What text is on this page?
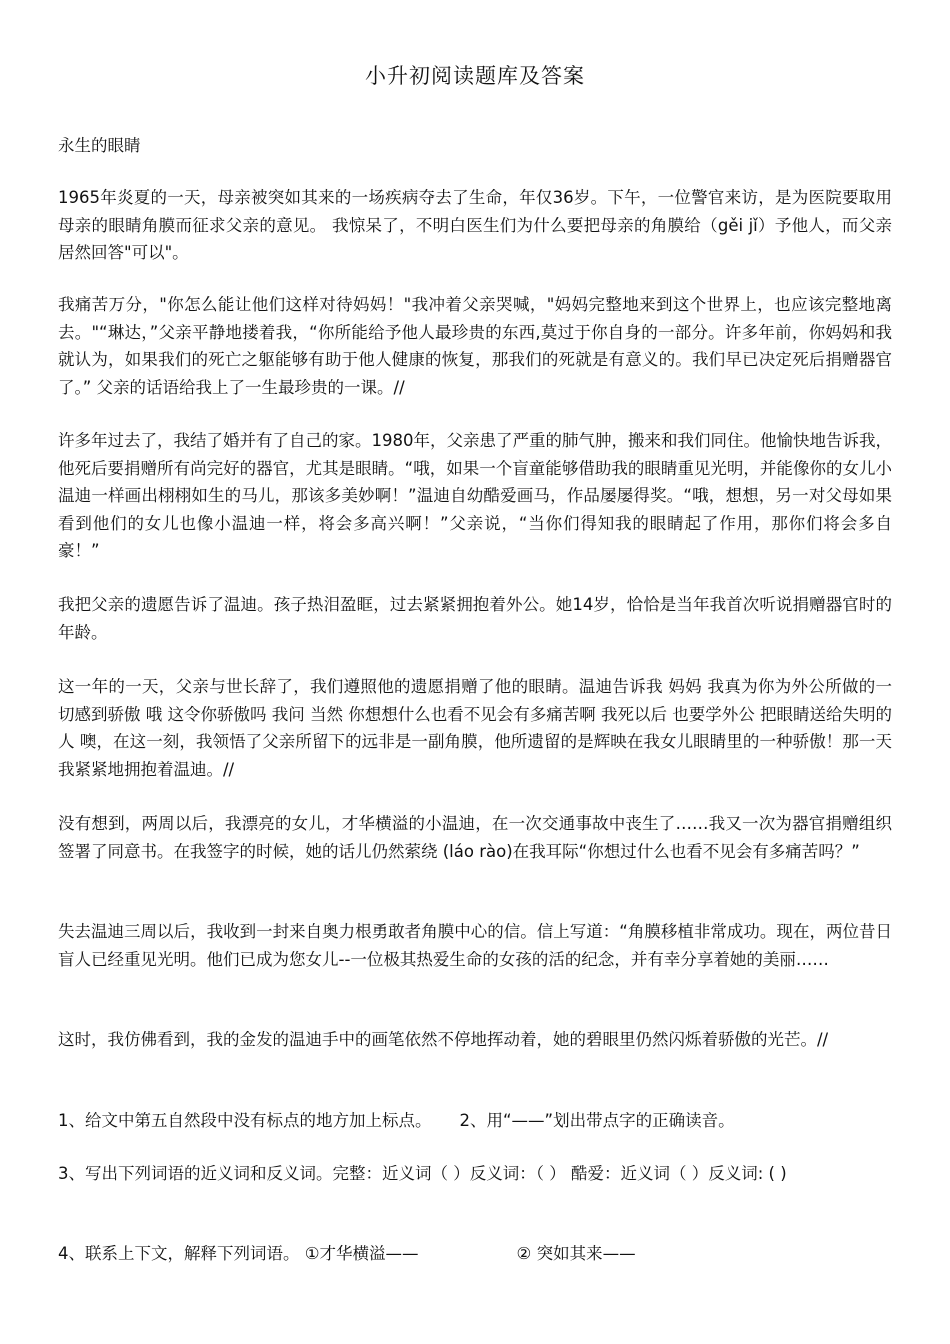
小升初阅读题库及答案

永生的眼睛

1965年炎夏的一天，母亲被突如其来的一场疾病夺去了生命，年仅36岁。下午，一位警官来访，是为医院要取用母亲的眼睛角膜而征求父亲的意见。 我惊呆了，不明白医生们为什么要把母亲的角膜给（gěi jǐ）予他人，而父亲居然回答"可以"。

我痛苦万分，"你怎么能让他们这样对待妈妈！"我冲着父亲哭喊，"妈妈完整地来到这个世界上，也应该完整地离去。"“琳达，”父亲平静地搂着我，“你所能给予他人最珍贵的东西,莫过于你自身的一部分。许多年前，你妈妈和我就认为，如果我们的死亡之躯能够有助于他人健康的恢复，那我们的死就是有意义的。我们早已决定死后捐赠器官了。” 父亲的话语给我上了一生最珍贵的一课。//

许多年过去了，我结了婚并有了自己的家。1980年，父亲患了严重的肺气肿，搬来和我们同住。他愉快地告诉我，他死后要捐赠所有尚完好的器官，尤其是眼睛。“哦，如果一个盲童能够借助我的眼睛重见光明，并能像你的女儿小温迪一样画出栩栩如生的马儿，那该多美妙啊！”温迪自幼酷爱画马，作品屡屡得奖。“哦，想想，另一对父母如果看到他们的女儿也像小温迪一样，将会多高兴啊！”父亲说，“当你们得知我的眼睛起了作用，那你们将会多自豪！”

我把父亲的遗愿告诉了温迪。孩子热泪盈眶，过去紧紧拥抱着外公。她14岁，恰恰是当年我首次听说捐赠器官时的年龄。

这一年的一天，父亲与世长辞了，我们遵照他的遗愿捐赠了他的眼睛。温迪告诉我 妈妈 我真为你为外公所做的一切感到骄傲 哦 这令你骄傲吗 我问 当然 你想想什么也看不见会有多痛苦啊 我死以后 也要学外公 把眼睛送给失明的人 噢，在这一刻，我领悟了父亲所留下的远非是一副角膜，他所遗留的是辉映在我女儿眼睛里的一种骄傲！那一天我紧紧地拥抱着温迪。//

没有想到，两周以后，我漂亮的女儿，才华横溢的小温迪，在一次交通事故中丧生了……我又一次为器官捐赠组织签署了同意书。在我签字的时候，她的话儿仍然萦绕 (láo rào)在我耳际“你想过什么也看不见会有多痛苦吗？”

失去温迪三周以后，我收到一封来自奥力根勇敢者角膜中心的信。信上写道：“角膜移植非常成功。现在，两位昔日盲人已经重见光明。他们已成为您女儿--一位极其热爱生命的女孩的活的纪念，并有幸分享着她的美丽……

这时，我仿佛看到，我的金发的温迪手中的画笔依然不停地挥动着，她的碧眼里仍然闪烁着骄傲的光芒。//

1、给文中第五自然段中没有标点的地方加上标点。 2、用“——”划出带点字的正确读音。

3、写出下列词语的近义词和反义词。完整：近义词（ ）反义词：（ ） 酷爱：近义词（ ）反义词: ( )

4、联系上下文，解释下列词语。 ①才华横溢——	② 突如其来——
